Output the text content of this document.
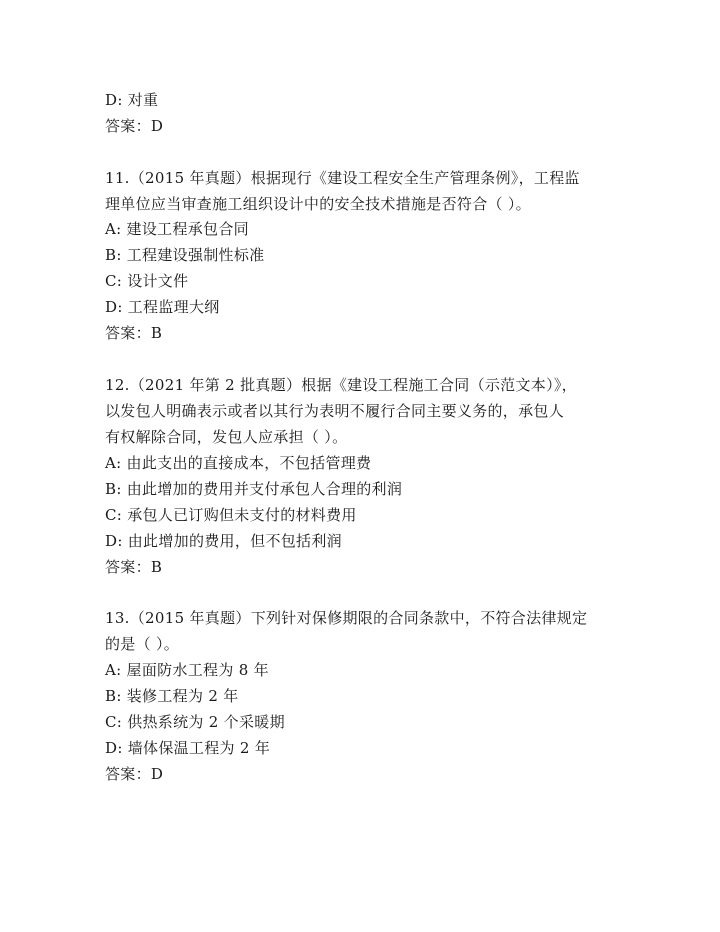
D: 对重
答案：D
11.（2015 年真题）根据现行《建设工程安全生产管理条例》，工程监
理单位应当审查施工组织设计中的安全技术措施是否符合（ ）。
A: 建设工程承包合同
B: 工程建设强制性标准
C: 设计文件
D: 工程监理大纲
答案：B
12.（2021 年第 2 批真题）根据《建设工程施工合同（示范文本）》，
以发包人明确表示或者以其行为表明不履行合同主要义务的，承包人
有权解除合同，发包人应承担（ ）。
A: 由此支出的直接成本，不包括管理费
B: 由此增加的费用并支付承包人合理的利润
C: 承包人已订购但未支付的材料费用
D: 由此增加的费用，但不包括利润
答案：B
13.（2015 年真题）下列针对保修期限的合同条款中，不符合法律规定
的是（ ）。
A: 屋面防水工程为 8 年
B: 装修工程为 2 年
C: 供热系统为 2 个采暖期
D: 墙体保温工程为 2 年
答案：D
